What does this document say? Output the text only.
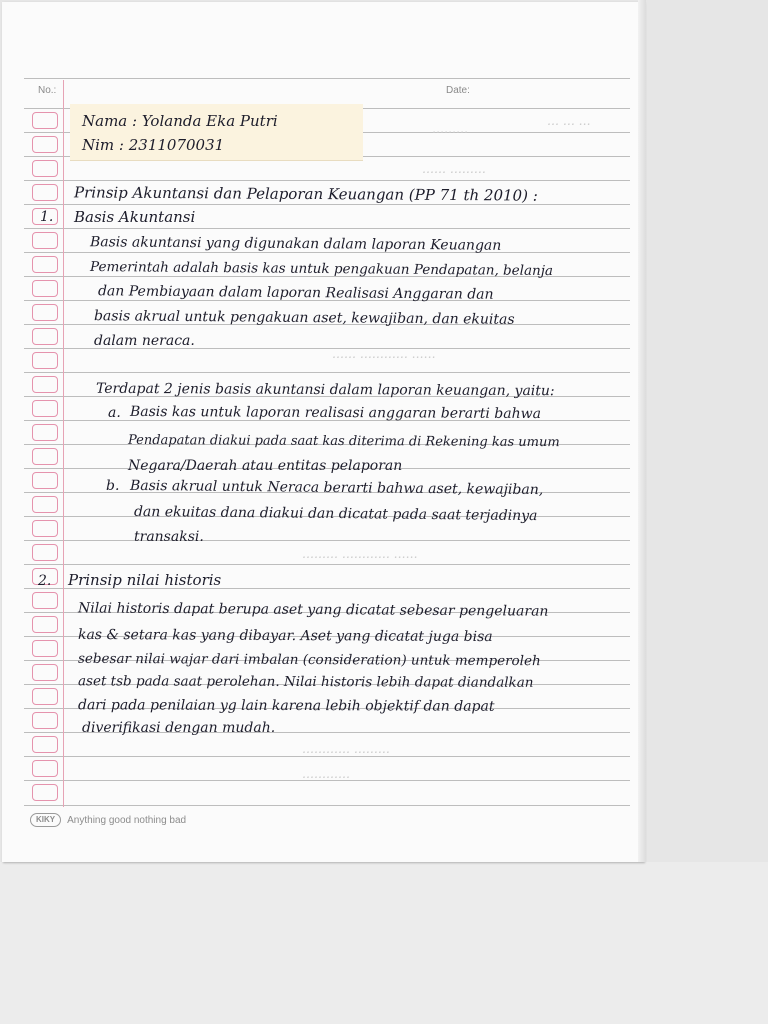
… … …
………
…… ………
…… ………… ……
……… ………… ……
………… ………
…………
No.:	Date:
Nama : Yolanda Eka Putri
Nim : 2311070031
Prinsip Akuntansi dan Pelaporan Keuangan (PP 71 th 2010) :
1. Basis Akuntansi
Basis akuntansi yang digunakan dalam laporan Keuangan
Pemerintah adalah basis kas untuk pengakuan Pendapatan, belanja
dan Pembiayaan dalam laporan Realisasi Anggaran dan
basis akrual untuk pengakuan aset, kewajiban, dan ekuitas
dalam neraca.
Terdapat 2 jenis basis akuntansi dalam laporan keuangan, yaitu:
a. Basis kas untuk laporan realisasi anggaran berarti bahwa
Pendapatan diakui pada saat kas diterima di Rekening kas umum
Negara/Daerah atau entitas pelaporan
b. Basis akrual untuk Neraca berarti bahwa aset, kewajiban,
dan ekuitas dana diakui dan dicatat pada saat terjadinya
transaksi.
2. Prinsip nilai historis
Nilai historis dapat berupa aset yang dicatat sebesar pengeluaran
kas & setara kas yang dibayar. Aset yang dicatat juga bisa
sebesar nilai wajar dari imbalan (consideration) untuk memperoleh
aset tsb pada saat perolehan. Nilai historis lebih dapat diandalkan
dari pada penilaian yg lain karena lebih objektif dan dapat
diverifikasi dengan mudah.
KIKY	Anything good nothing bad
